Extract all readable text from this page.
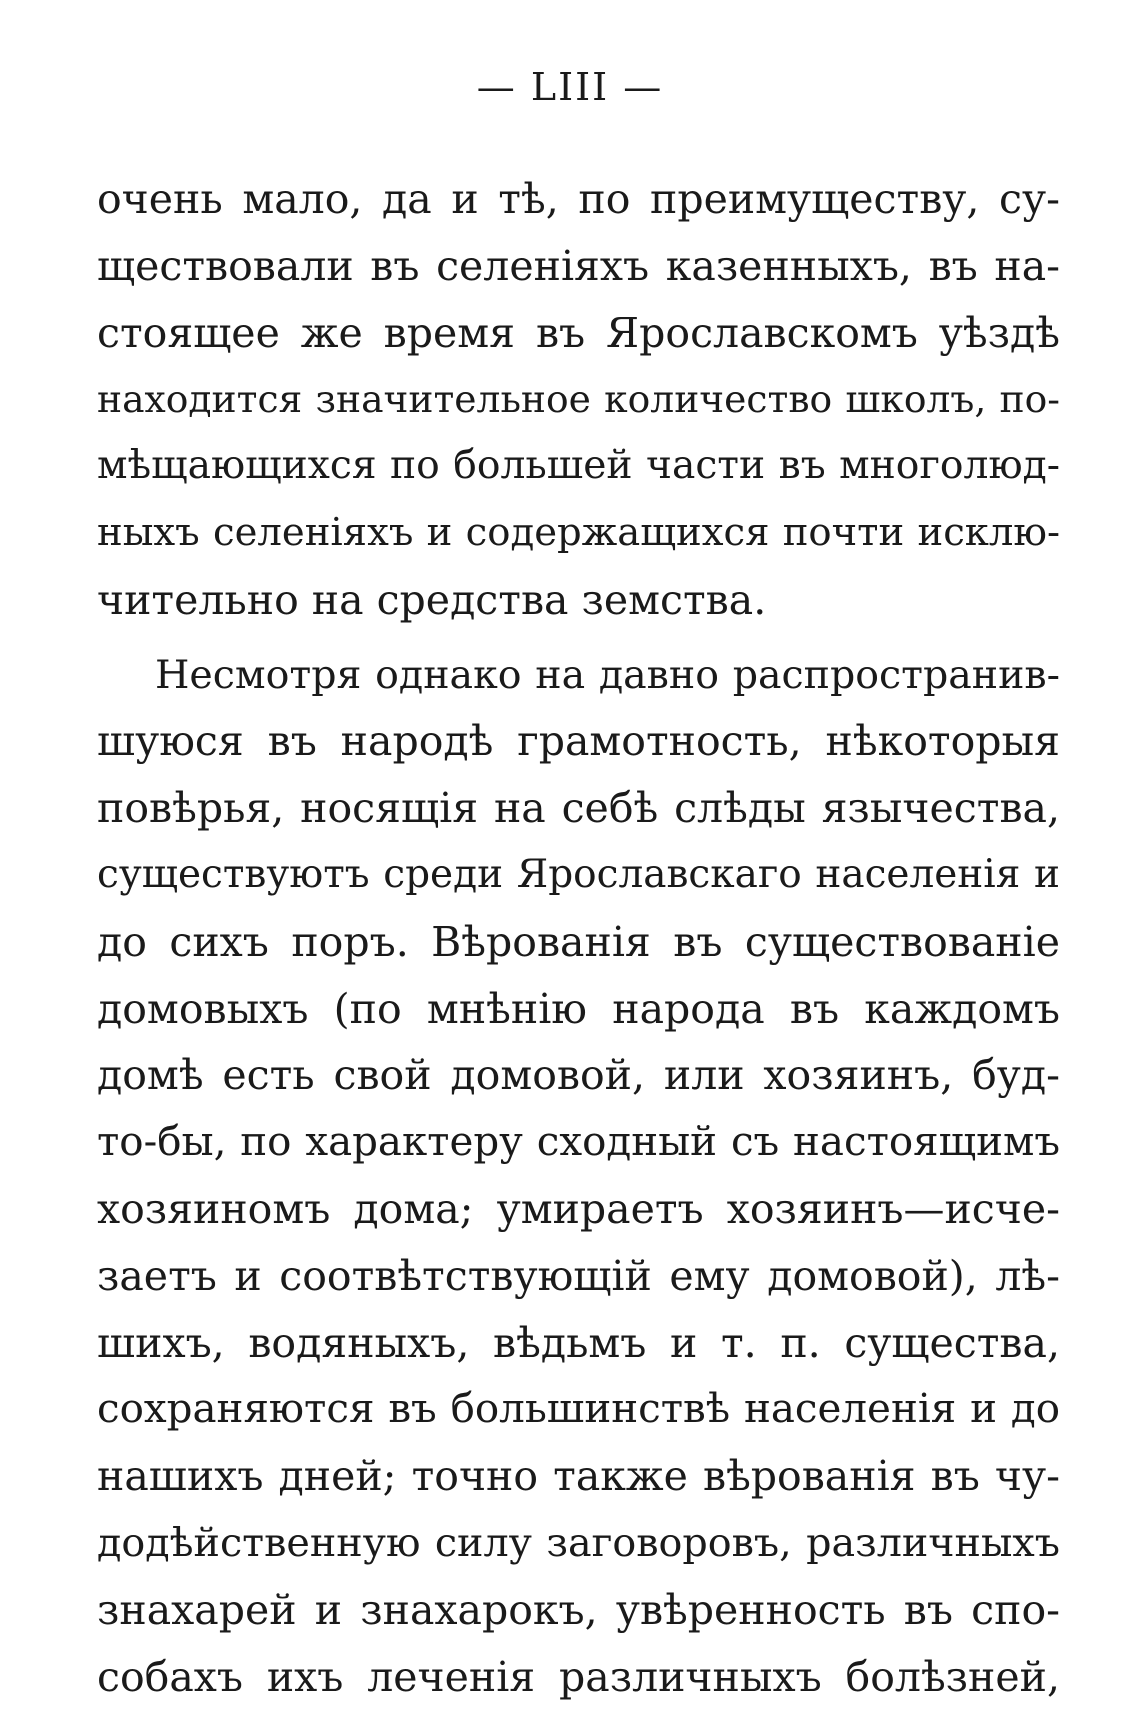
— LIII —
очень мало, да и тѣ, по преимуществу, су-
ществовали въ селеніяхъ казенныхъ, въ на-
стоящее же время въ Ярославскомъ уѣздѣ
находится значительное количество школъ, по-
мѣщающихся по большей части въ многолюд-
ныхъ селеніяхъ и содержащихся почти исклю-
чительно на средства земства.
Несмотря однако на давно распространив-
шуюся въ народѣ грамотность, нѣкоторыя
повѣрья, носящія на себѣ слѣды язычества,
существуютъ среди Ярославскаго населенія и
до сихъ поръ. Вѣрованія въ существованіе
домовыхъ (по мнѣнію народа въ каждомъ
домѣ есть свой домовой, или хозяинъ, буд-
то-бы, по характеру сходный съ настоящимъ
хозяиномъ дома; умираетъ хозяинъ—исче-
заетъ и соотвѣтствующій ему домовой), лѣ-
шихъ, водяныхъ, вѣдьмъ и т. п. существа,
сохраняются въ большинствѣ населенія и до
нашихъ дней; точно также вѣрованія въ чу-
додѣйственную силу заговоровъ, различныхъ
знахарей и знахарокъ, увѣренность въ спо-
собахъ ихъ леченія различныхъ болѣзней,
